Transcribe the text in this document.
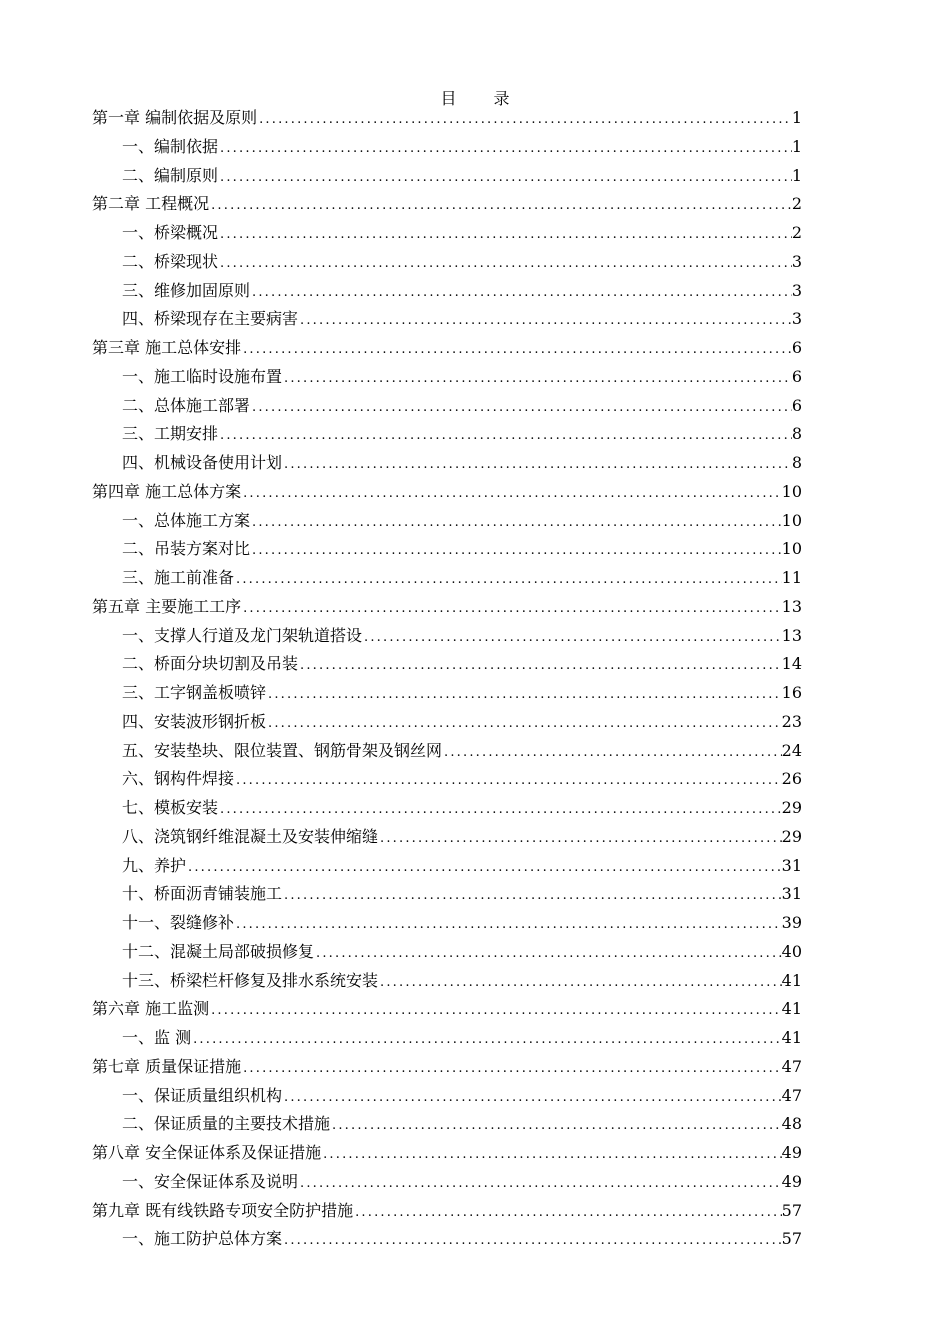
目 录
第一章 编制依据及原则 .....	1
一、编制依据 .....	1
二、编制原则 .....	1
第二章 工程概况 .....	2
一、桥梁概况 .....	2
二、桥梁现状 .....	3
三、维修加固原则 .....	3
四、桥梁现存在主要病害 .....	3
第三章 施工总体安排 .....	6
一、施工临时设施布置 .....	6
二、总体施工部署 .....	6
三、工期安排 .....	8
四、机械设备使用计划 .....	8
第四章 施工总体方案 .....	10
一、总体施工方案 .....	10
二、吊装方案对比 .....	10
三、施工前准备 .....	11
第五章 主要施工工序 .....	13
一、支撑人行道及龙门架轨道搭设 .....	13
二、桥面分块切割及吊装 .....	14
三、工字钢盖板喷锌 .....	16
四、安装波形钢折板 .....	23
五、安装垫块、限位装置、钢筋骨架及钢丝网 .....	24
六、钢构件焊接 .....	26
七、模板安装 .....	29
八、浇筑钢纤维混凝土及安装伸缩缝 .....	29
九、养护 .....	31
十、桥面沥青铺装施工 .....	31
十一、裂缝修补 .....	39
十二、混凝土局部破损修复 .....	40
十三、桥梁栏杆修复及排水系统安装 .....	41
第六章 施工监测 .....	41
一、监 测 .....	41
第七章 质量保证措施 .....	47
一、保证质量组织机构 .....	47
二、保证质量的主要技术措施 .....	48
第八章 安全保证体系及保证措施 .....	49
一、安全保证体系及说明 .....	49
第九章 既有线铁路专项安全防护措施 .....	57
一、施工防护总体方案 .....	57
